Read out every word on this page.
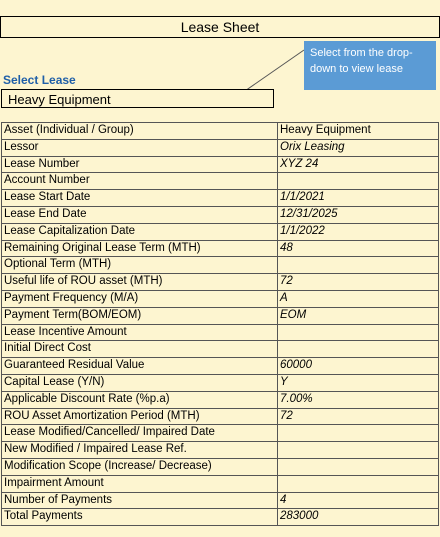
Lease Sheet
Select from the drop-down to view lease
Select Lease
Heavy Equipment
Asset (Individual / Group)	Heavy Equipment
Lessor	Orix Leasing
Lease Number	XYZ 24
Account Number	
Lease Start Date	1/1/2021
Lease End Date	12/31/2025
Lease Capitalization Date	1/1/2022
Remaining Original Lease Term (MTH)	48
Optional Term (MTH)	
Useful life of ROU asset (MTH)	72
Payment Frequency (M/A)	A
Payment Term(BOM/EOM)	EOM
Lease Incentive Amount	
Initial Direct Cost	
Guaranteed Residual Value	60000
Capital Lease (Y/N)	Y
Applicable Discount Rate (%p.a)	7.00%
ROU Asset Amortization Period (MTH)	72
Lease Modified/Cancelled/ Impaired Date	
New Modified / Impaired Lease Ref.	
Modification Scope (Increase/ Decrease)	
Impairment Amount	
Number of Payments	4
Total Payments	283000
